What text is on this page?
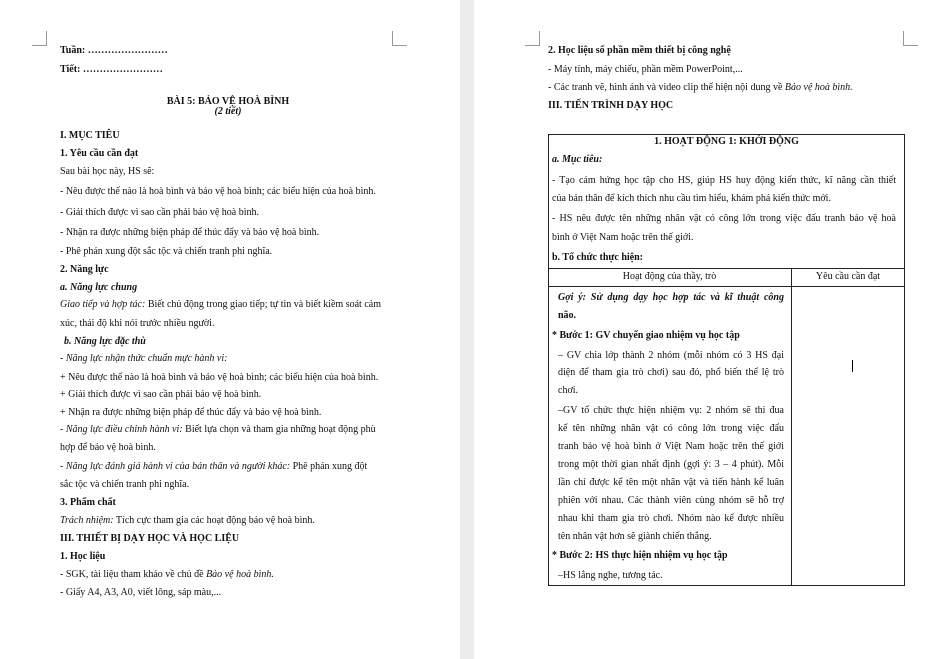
Tuần: ……………………
Tiết: ……………………
BÀI 5: BẢO VỆ HOÀ BÌNH
(2 tiết)
I. MỤC TIÊU
1. Yêu cầu cần đạt
Sau bài học này, HS sẽ:
- Nêu được thế nào là hoà bình và bảo vệ hoà bình; các biểu hiện của hoà bình.
- Giải thích được vì sao cần phải bảo vệ hoà bình.
- Nhận ra được những biện pháp để thúc đẩy và bảo vệ hoà bình.
- Phê phán xung đột sắc tộc và chiến tranh phi nghĩa.
2. Năng lực
a. Năng lực chung
Giao tiếp và hợp tác: Biết chủ động trong giao tiếp; tự tin và biết kiềm soát cảm
xúc, thái độ khi nói trước nhiều người.
b. Năng lực đặc thù
- Năng lực nhận thức chuẩn mực hành vi:
+ Nêu được thế nào là hoà bình và bảo vệ hoà bình; các biểu hiện của hoà bình.
+ Giải thích được vì sao cần phải bảo vệ hoà bình.
+ Nhận ra được những biện pháp để thúc đẩy và bảo vệ hoà bình.
- Năng lực điều chỉnh hành vi: Biết lựa chọn và tham gia những hoạt động phù
hợp để bảo vệ hoà bình.
- Năng lực đánh giá hành vi của bản thân và người khác: Phê phán xung đột
sắc tộc và chiến tranh phi nghĩa.
3. Phẩm chất
Trách nhiệm: Tích cực tham gia các hoạt động bảo vệ hoà bình.
III. THIẾT BỊ DẠY HỌC VÀ HỌC LIỆU
1. Học liệu
- SGK, tài liệu tham khảo về chủ đề Bảo vệ hoà bình.
- Giấy A4, A3, A0, viết lông, sáp màu,...
2. Học liệu số phần mềm thiết bị công nghệ
- Máy tính, máy chiếu, phần mềm PowerPoint,...
- Các tranh vẽ, hình ảnh và video clip thể hiện nội dung về Bảo vệ hoà bình.
III. TIẾN TRÌNH DẠY HỌC
1. HOẠT ĐỘNG 1: KHỞI ĐỘNG
a. Mục tiêu:
- Tạo cảm hứng học tập cho HS, giúp HS huy động kiến thức, kĩ năng cần thiết
của bản thân để kích thích nhu cầu tìm hiểu, khám phá kiến thức mới.
- HS nêu được tên những nhân vật có công lớn trong việc đấu tranh bảo vệ hoà
bình ở Việt Nam hoặc trên thế giới.
b. Tổ chức thực hiện:
Hoạt động của thầy, trò	Yêu cầu cần đạt
Gợi ý: Sử dụng dạy học hợp tác và kĩ thuật công
não.
* Bước 1: GV chuyển giao nhiệm vụ học tập
– GV chia lớp thành 2 nhóm (mỗi nhóm có 3 HS đại
diện để tham gia trò chơi) sau đó, phổ biến thể lệ trò
chơi.
–GV tổ chức thực hiện nhiệm vụ: 2 nhóm sẽ thi đua
kể tên những nhân vật có công lớn trong việc đấu
tranh bảo vệ hoà bình ở Việt Nam hoặc trên thế giới
trong một thời gian nhất định (gợi ý: 3 – 4 phút). Mỗi
lần chỉ được kể tên một nhân vật và tiến hành kể luân
phiên với nhau. Các thành viên cùng nhóm sẽ hỗ trợ
nhau khi tham gia trò chơi. Nhóm nào kể được nhiều
tên nhân vật hơn sẽ giành chiến thắng.
* Bước 2: HS thực hiện nhiệm vụ học tập
–HS lắng nghe, tương tác.
